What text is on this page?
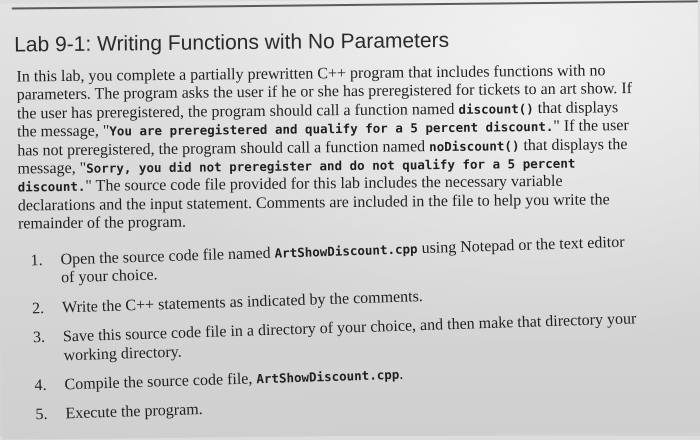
Lab 9-1: Writing Functions with No Parameters

In this lab, you complete a partially prewritten C++ program that includes functions with no parameters. The program asks the user if he or she has preregistered for tickets to an art show. If the user has preregistered, the program should call a function named discount() that displays the message, "You are preregistered and qualify for a 5 percent discount." If the user has not preregistered, the program should call a function named noDiscount() that displays the message, "Sorry, you did not preregister and do not qualify for a 5 percent discount." The source code file provided for this lab includes the necessary variable declarations and the input statement. Comments are included in the file to help you write the remainder of the program.

1. Open the source code file named ArtShowDiscount.cpp using Notepad or the text editor of your choice.
2. Write the C++ statements as indicated by the comments.
3. Save this source code file in a directory of your choice, and then make that directory your working directory.
4. Compile the source code file, ArtShowDiscount.cpp.
5. Execute the program.
